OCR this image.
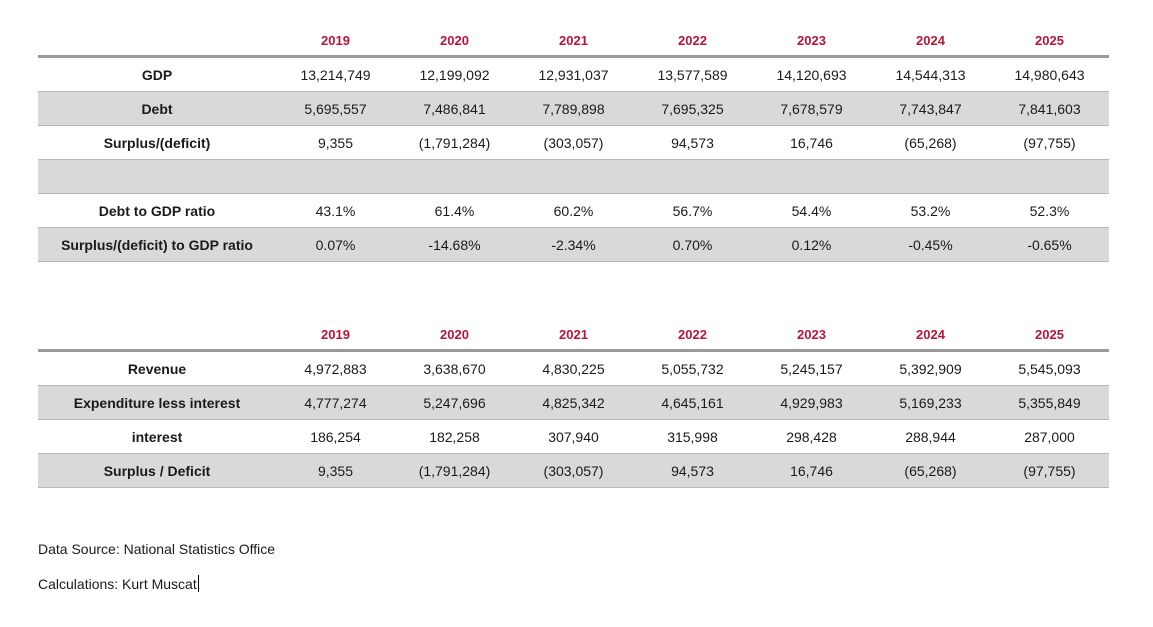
	2019	2020	2021	2022	2023	2024	2025
GDP	13,214,749	12,199,092	12,931,037	13,577,589	14,120,693	14,544,313	14,980,643
Debt	5,695,557	7,486,841	7,789,898	7,695,325	7,678,579	7,743,847	7,841,603
Surplus/(deficit)	9,355	(1,791,284)	(303,057)	94,573	16,746	(65,268)	(97,755)

Debt to GDP ratio	43.1%	61.4%	60.2%	56.7%	54.4%	53.2%	52.3%
Surplus/(deficit) to GDP ratio	0.07%	-14.68%	-2.34%	0.70%	0.12%	-0.45%	-0.65%
	2019	2020	2021	2022	2023	2024	2025
Revenue	4,972,883	3,638,670	4,830,225	5,055,732	5,245,157	5,392,909	5,545,093
Expenditure less interest	4,777,274	5,247,696	4,825,342	4,645,161	4,929,983	5,169,233	5,355,849
interest	186,254	182,258	307,940	315,998	298,428	288,944	287,000
Surplus / Deficit	9,355	(1,791,284)	(303,057)	94,573	16,746	(65,268)	(97,755)
Data Source: National Statistics Office
Calculations: Kurt Muscat
